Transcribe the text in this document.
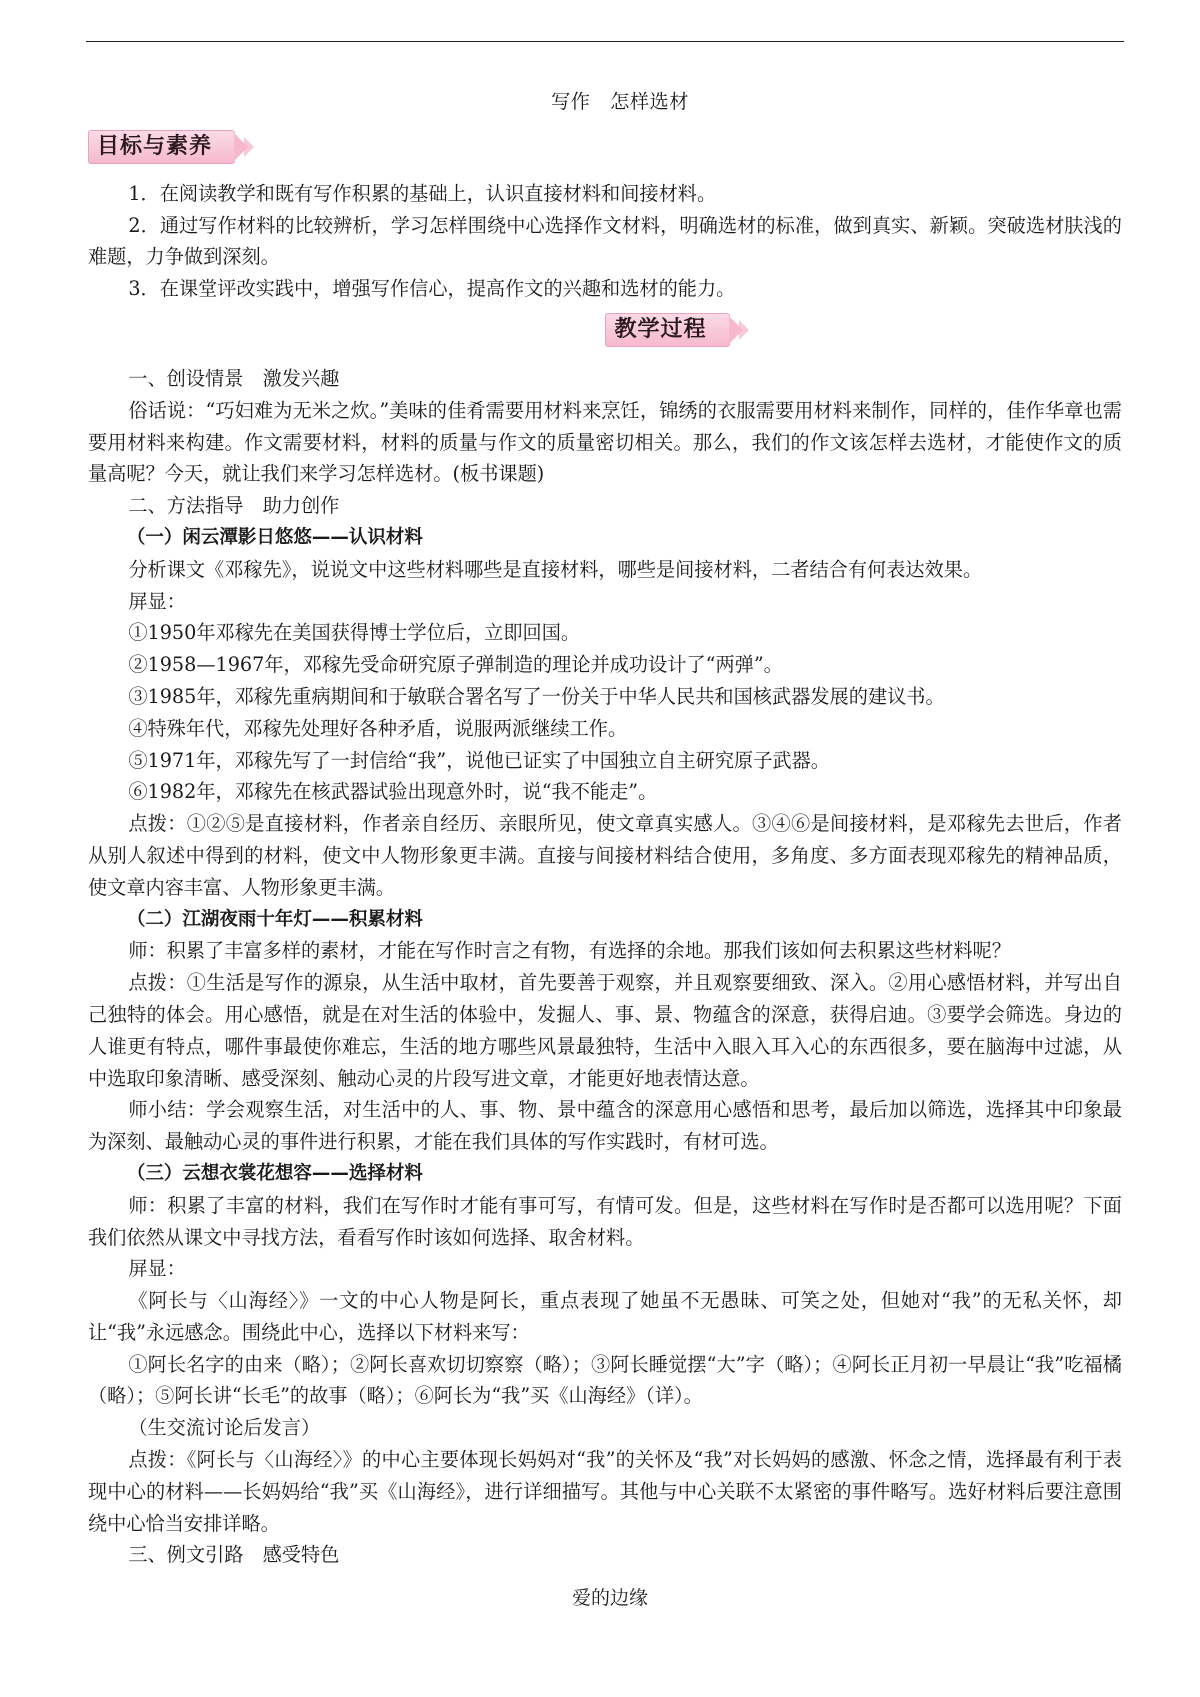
写作　怎样选材

目标与素养

1．在阅读教学和既有写作积累的基础上，认识直接材料和间接材料。

2．通过写作材料的比较辨析，学习怎样围绕中心选择作文材料，明确选材的标准，做到真实、新颖。突破选材肤浅的难题，力争做到深刻。

3．在课堂评改实践中，增强写作信心，提高作文的兴趣和选材的能力。

教学过程

一、创设情景　激发兴趣

俗话说：“巧妇难为无米之炊。”美味的佳肴需要用材料来烹饪，锦绣的衣服需要用材料来制作，同样的，佳作华章也需要用材料来构建。作文需要材料，材料的质量与作文的质量密切相关。那么，我们的作文该怎样去选材，才能使作文的质量高呢？今天，就让我们来学习怎样选材。(板书课题)

二、方法指导　助力创作

（一）闲云潭影日悠悠——认识材料

分析课文《邓稼先》，说说文中这些材料哪些是直接材料，哪些是间接材料，二者结合有何表达效果。

屏显：

①1950年邓稼先在美国获得博士学位后，立即回国。

②1958—1967年，邓稼先受命研究原子弹制造的理论并成功设计了“两弹”。

③1985年，邓稼先重病期间和于敏联合署名写了一份关于中华人民共和国核武器发展的建议书。

④特殊年代，邓稼先处理好各种矛盾，说服两派继续工作。

⑤1971年，邓稼先写了一封信给“我”，说他已证实了中国独立自主研究原子武器。

⑥1982年，邓稼先在核武器试验出现意外时，说“我不能走”。

点拨：①②⑤是直接材料，作者亲自经历、亲眼所见，使文章真实感人。③④⑥是间接材料，是邓稼先去世后，作者从别人叙述中得到的材料，使文中人物形象更丰满。直接与间接材料结合使用，多角度、多方面表现邓稼先的精神品质，使文章内容丰富、人物形象更丰满。

（二）江湖夜雨十年灯——积累材料

师：积累了丰富多样的素材，才能在写作时言之有物，有选择的余地。那我们该如何去积累这些材料呢？

点拨：①生活是写作的源泉，从生活中取材，首先要善于观察，并且观察要细致、深入。②用心感悟材料，并写出自己独特的体会。用心感悟，就是在对生活的体验中，发掘人、事、景、物蕴含的深意，获得启迪。③要学会筛选。身边的人谁更有特点，哪件事最使你难忘，生活的地方哪些风景最独特，生活中入眼入耳入心的东西很多，要在脑海中过滤，从中选取印象清晰、感受深刻、触动心灵的片段写进文章，才能更好地表情达意。

师小结：学会观察生活，对生活中的人、事、物、景中蕴含的深意用心感悟和思考，最后加以筛选，选择其中印象最为深刻、最触动心灵的事件进行积累，才能在我们具体的写作实践时，有材可选。

（三）云想衣裳花想容——选择材料

师：积累了丰富的材料，我们在写作时才能有事可写，有情可发。但是，这些材料在写作时是否都可以选用呢？下面我们依然从课文中寻找方法，看看写作时该如何选择、取舍材料。

屏显：

《阿长与〈山海经〉》一文的中心人物是阿长，重点表现了她虽不无愚昧、可笑之处，但她对“我”的无私关怀，却让“我”永远感念。围绕此中心，选择以下材料来写：

①阿长名字的由来（略）；②阿长喜欢切切察察（略）；③阿长睡觉摆“大”字（略）；④阿长正月初一早晨让“我”吃福橘（略）；⑤阿长讲“长毛”的故事（略）；⑥阿长为“我”买《山海经》（详）。

（生交流讨论后发言）

点拨：《阿长与〈山海经〉》的中心主要体现长妈妈对“我”的关怀及“我”对长妈妈的感激、怀念之情，选择最有利于表现中心的材料——长妈妈给“我”买《山海经》，进行详细描写。其他与中心关联不太紧密的事件略写。选好材料后要注意围绕中心恰当安排详略。

三、例文引路　感受特色

爱的边缘
